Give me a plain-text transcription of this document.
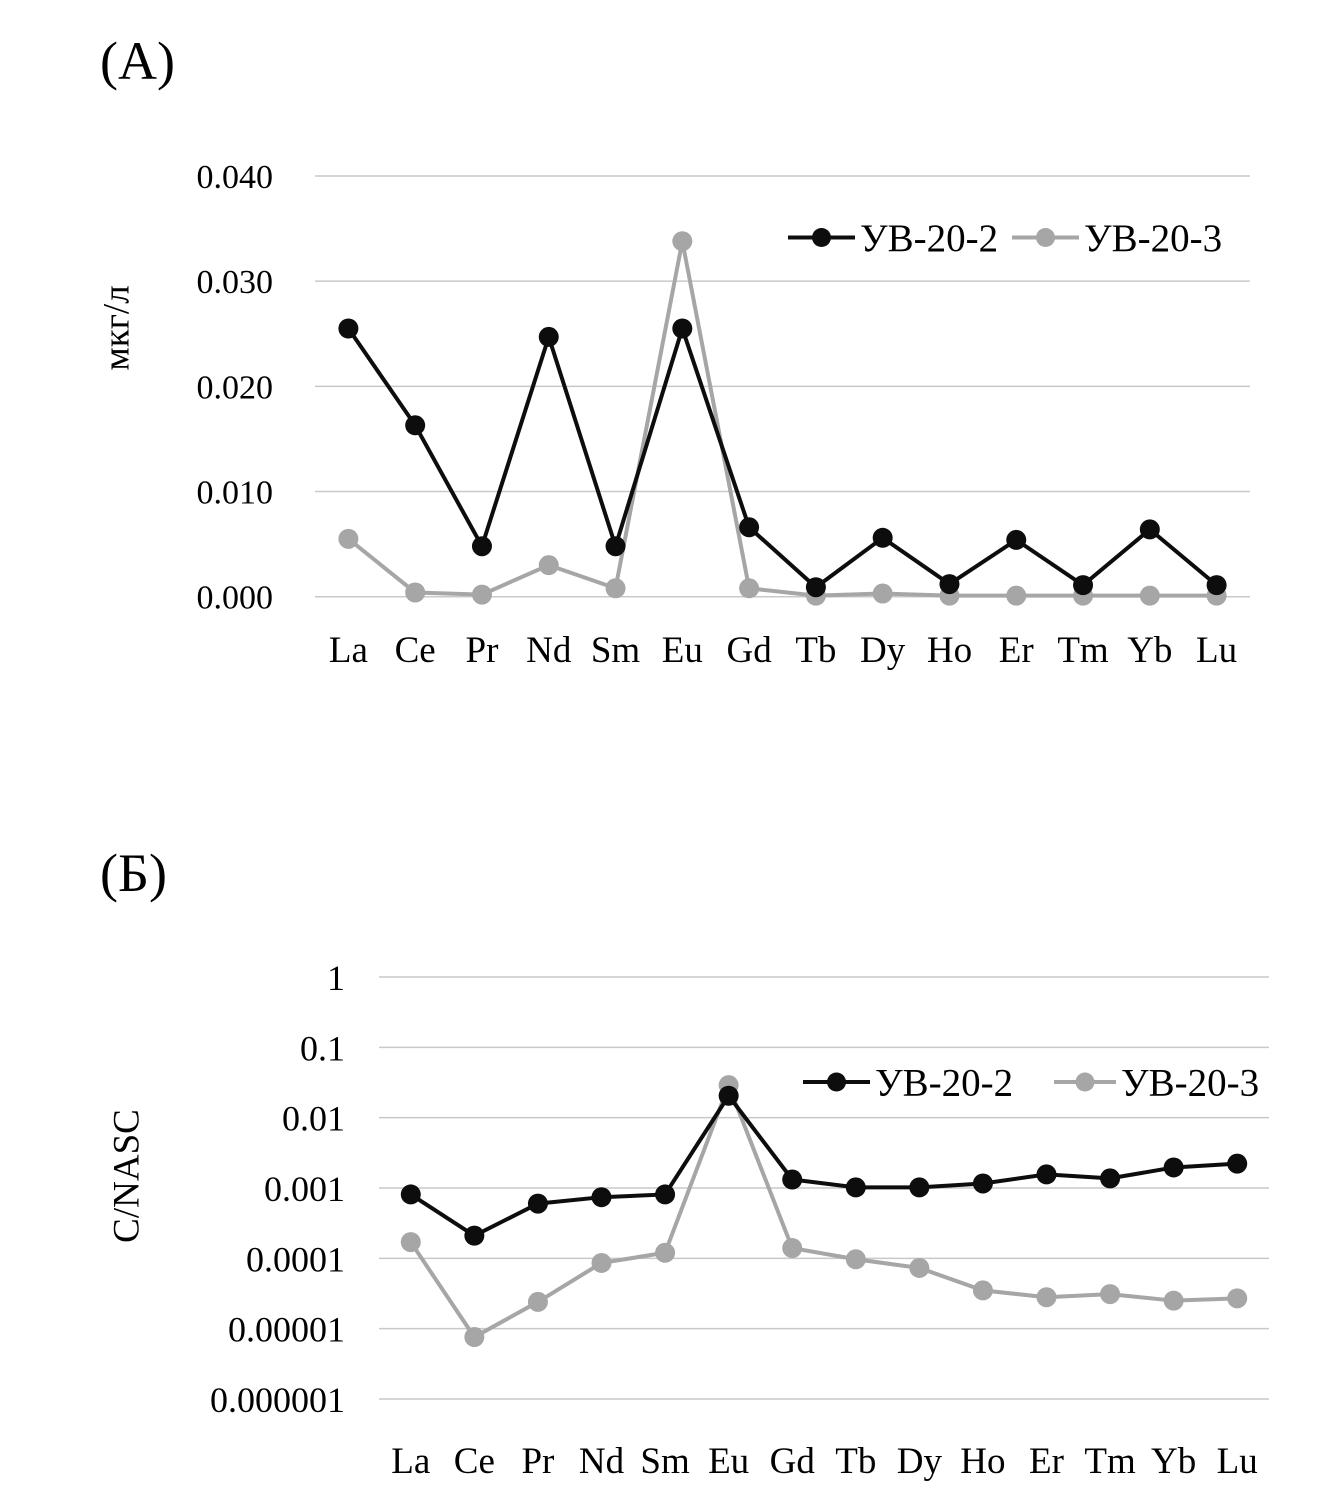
(А)
мкг/л
0.040
0.030
0.020
0.010
0.000
La Ce Pr Nd Sm Eu Gd Tb Dy Ho Er Tm Yb Lu
УВ-20-2 УВ-20-3
(Б)
C/NASC
1
0.1
0.01
0.001
0.0001
0.00001
0.000001
La Ce Pr Nd Sm Eu Gd Tb Dy Ho Er Tm Yb Lu
УВ-20-2	УВ-20-3
